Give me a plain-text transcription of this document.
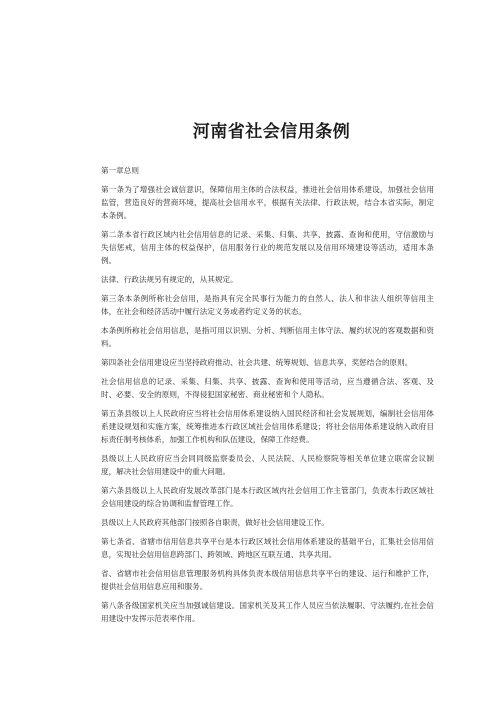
河南省社会信用条例

第一章总则

第一条为了增强社会诚信意识，保障信用主体的合法权益，推进社会信用体系建设，加强社会信用监管，营造良好的营商环境，提高社会信用水平，根据有关法律、行政法规，结合本省实际，制定本条例。

第二条本省行政区域内社会信用信息的记录、采集、归集、共享、披露、查询和使用，守信激励与失信惩戒，信用主体的权益保护，信用服务行业的规范发展以及信用环境建设等活动，适用本条例。

法律、行政法规另有规定的，从其规定。

第三条本条例所称社会信用，是指具有完全民事行为能力的自然人、法人和非法人组织等信用主体，在社会和经济活动中履行法定义务或者约定义务的状态。

本条例所称社会信用信息，是指可用以识别、分析、判断信用主体守法、履约状况的客观数据和资料。

第四条社会信用建设应当坚持政府推动、社会共建、统筹规划、信息共享、奖惩结合的原则。

社会信用信息的记录、采集、归集、共享、披露、查询和使用等活动，应当遵循合法、客观、及时、必要、安全的原则，不得侵犯国家秘密、商业秘密和个人隐私。

第五条县级以上人民政府应当将社会信用体系建设纳入国民经济和社会发展规划，编制社会信用体系建设规划和实施方案，统筹推进本行政区域社会信用体系建设；将社会信用体系建设纳入政府目标责任制考核体系，加强工作机构和队伍建设，保障工作经费。

县级以上人民政府应当会同同级监察委员会、人民法院、人民检察院等相关单位建立联席会议制度，解决社会信用建设中的重大问题。

第六条县级以上人民政府发展改革部门是本行政区域内社会信用工作主管部门，负责本行政区域社会信用建设的综合协调和监督管理工作。

县级以上人民政府其他部门按照各自职责，做好社会信用建设工作。

第七条省、省辖市信用信息共享平台是本行政区域社会信用体系建设的基础平台，汇集社会信用信息，实现社会信用信息跨部门、跨领域、跨地区互联互通、共享共用。

省、省辖市社会信用信息管理服务机构具体负责本级信用信息共享平台的建设、运行和维护工作，提供社会信用信息应用和服务。

第八条各级国家机关应当加强诚信建设。国家机关及其工作人员应当依法履职、守法履约,在社会信用建设中发挥示范表率作用。
